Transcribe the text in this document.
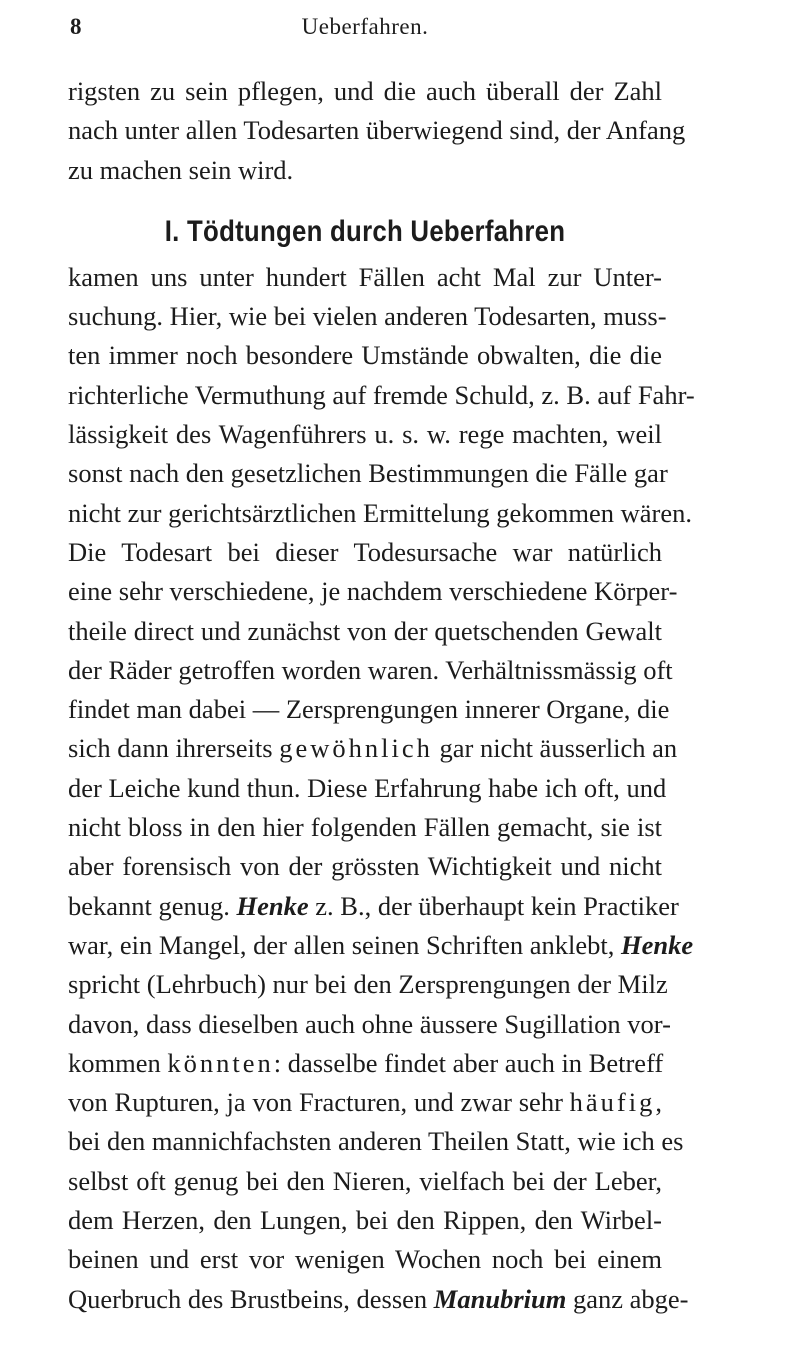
8	Ueberfahren.
rigsten zu sein pflegen, und die auch überall der Zahl
nach unter allen Todesarten überwiegend sind, der Anfang
zu machen sein wird.
I. Tödtungen durch Ueberfahren
kamen uns unter hundert Fällen acht Mal zur Unter-
suchung. Hier, wie bei vielen anderen Todesarten, muss-
ten immer noch besondere Umstände obwalten, die die
richterliche Vermuthung auf fremde Schuld, z. B. auf Fahr-
lässigkeit des Wagenführers u. s. w. rege machten, weil
sonst nach den gesetzlichen Bestimmungen die Fälle gar
nicht zur gerichtsärztlichen Ermittelung gekommen wären.
Die Todesart bei dieser Todesursache war natürlich
eine sehr verschiedene, je nachdem verschiedene Körper-
theile direct und zunächst von der quetschenden Gewalt
der Räder getroffen worden waren. Verhältnissmässig oft
findet man dabei — Zersprengungen innerer Organe, die
sich dann ihrerseits gewöhnlich gar nicht äusserlich an
der Leiche kund thun. Diese Erfahrung habe ich oft, und
nicht bloss in den hier folgenden Fällen gemacht, sie ist
aber forensisch von der grössten Wichtigkeit und nicht
bekannt genug. Henke z. B., der überhaupt kein Practiker
war, ein Mangel, der allen seinen Schriften anklebt, Henke
spricht (Lehrbuch) nur bei den Zersprengungen der Milz
davon, dass dieselben auch ohne äussere Sugillation vor-
kommen könnten: dasselbe findet aber auch in Betreff
von Rupturen, ja von Fracturen, und zwar sehr häufig,
bei den mannichfachsten anderen Theilen Statt, wie ich es
selbst oft genug bei den Nieren, vielfach bei der Leber,
dem Herzen, den Lungen, bei den Rippen, den Wirbel-
beinen und erst vor wenigen Wochen noch bei einem
Querbruch des Brustbeins, dessen Manubrium ganz abge-
